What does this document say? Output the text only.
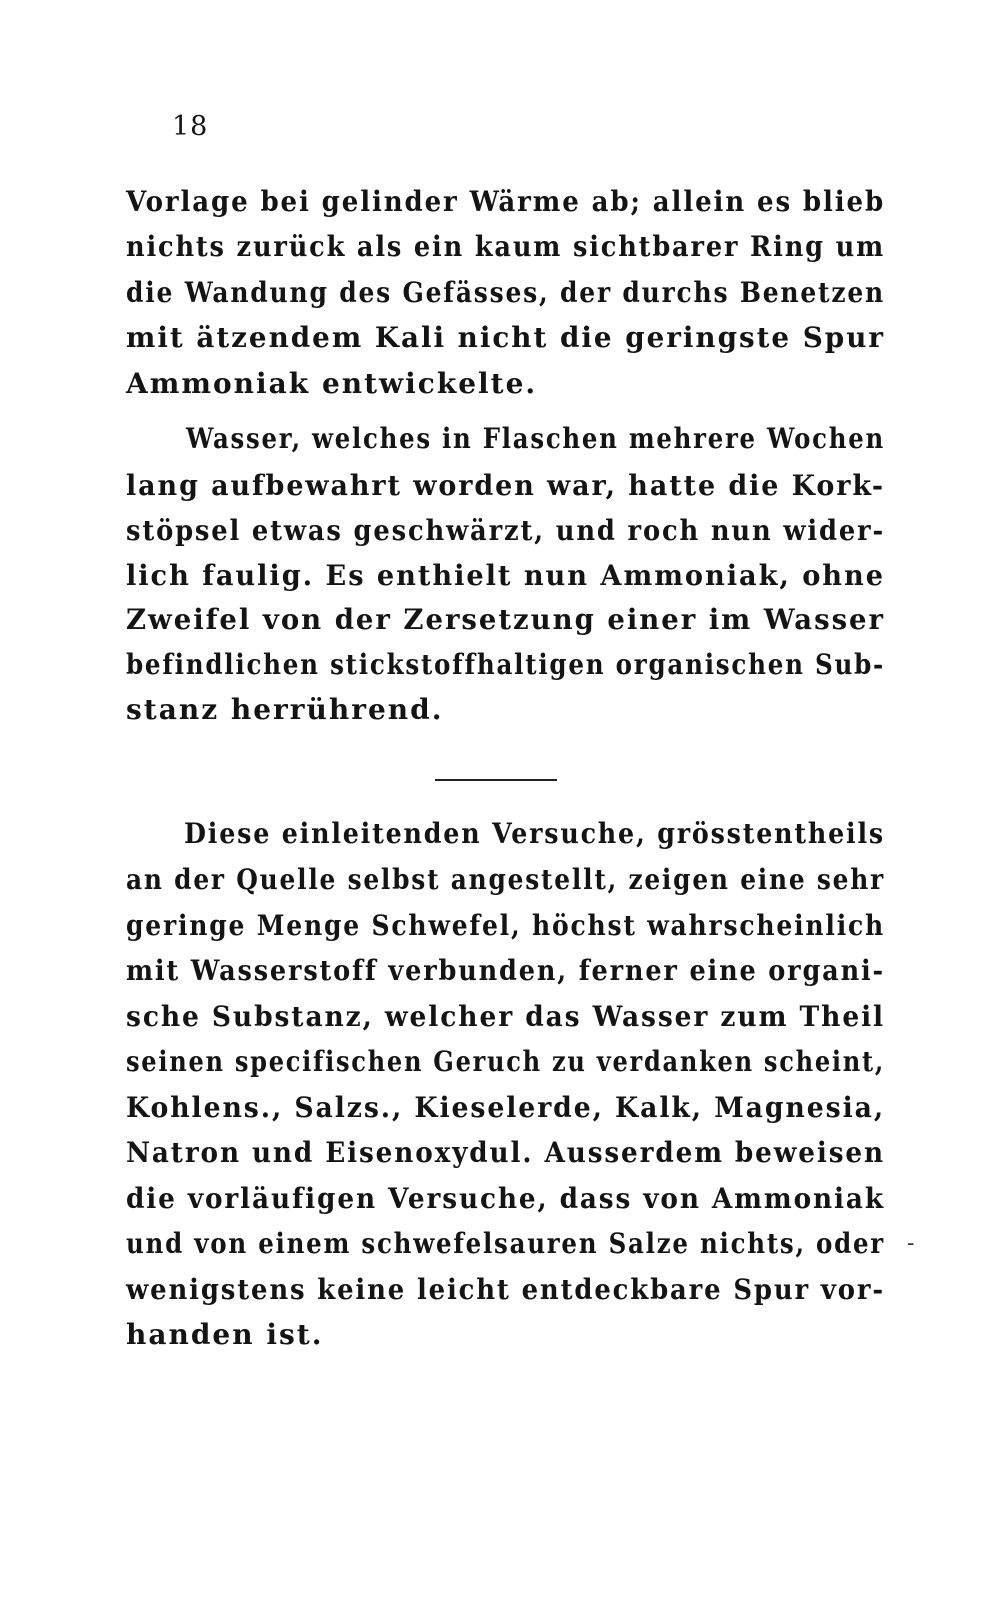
18
Vorlage bei gelinder Wärme ab; allein es blieb
nichts zurück als ein kaum sichtbarer Ring um
die Wandung des Gefässes, der durchs Benetzen
mit ätzendem Kali nicht die geringste Spur
Ammoniak entwickelte.
Wasser, welches in Flaschen mehrere Wochen
lang aufbewahrt worden war, hatte die Kork-
stöpsel etwas geschwärzt, und roch nun wider-
lich faulig. Es enthielt nun Ammoniak, ohne
Zweifel von der Zersetzung einer im Wasser
befindlichen stickstoffhaltigen organischen Sub-
stanz herrührend.
Diese einleitenden Versuche, grösstentheils
an der Quelle selbst angestellt, zeigen eine sehr
geringe Menge Schwefel, höchst wahrscheinlich
mit Wasserstoff verbunden, ferner eine organi-
sche Substanz, welcher das Wasser zum Theil
seinen specifischen Geruch zu verdanken scheint,
Kohlens., Salzs., Kieselerde, Kalk, Magnesia,
Natron und Eisenoxydul. Ausserdem beweisen
die vorläufigen Versuche, dass von Ammoniak
und von einem schwefelsauren Salze nichts, oder
wenigstens keine leicht entdeckbare Spur vor-
handen ist.
-
